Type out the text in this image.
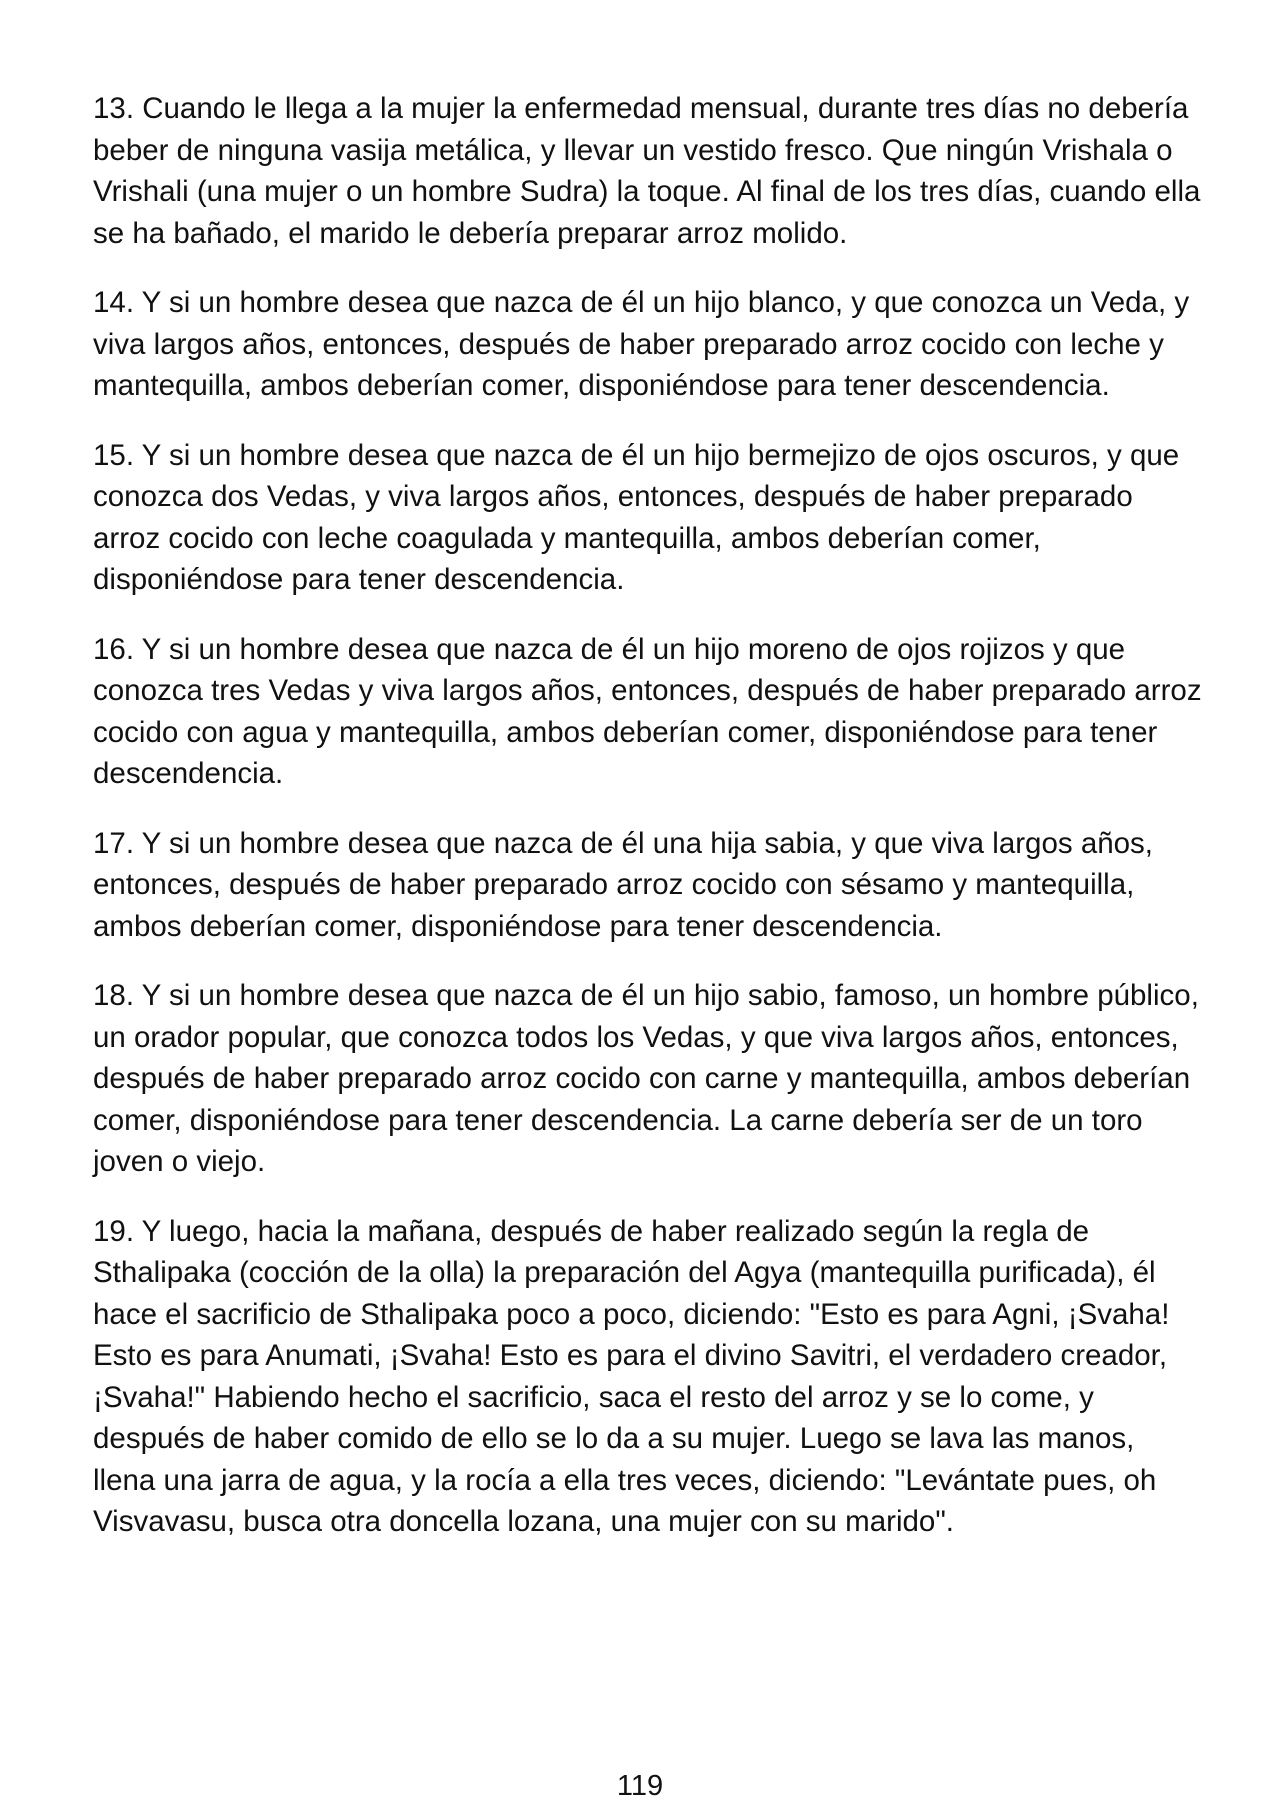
13. Cuando le llega a la mujer la enfermedad mensual, durante tres días no debería beber de ninguna vasija metálica, y llevar un vestido fresco. Que ningún Vrishala o Vrishali (una mujer o un hombre Sudra) la toque. Al final de los tres días, cuando ella se ha bañado, el marido le debería preparar arroz molido.

14. Y si un hombre desea que nazca de él un hijo blanco, y que conozca un Veda, y viva largos años, entonces, después de haber preparado arroz cocido con leche y mantequilla, ambos deberían comer, disponiéndose para tener descendencia.

15. Y si un hombre desea que nazca de él un hijo bermejizo de ojos oscuros, y que conozca dos Vedas, y viva largos años, entonces, después de haber preparado arroz cocido con leche coagulada y mantequilla, ambos deberían comer, disponiéndose para tener descendencia.

16. Y si un hombre desea que nazca de él un hijo moreno de ojos rojizos y que conozca tres Vedas y viva largos años, entonces, después de haber preparado arroz cocido con agua y mantequilla, ambos deberían comer, disponiéndose para tener descendencia.

17. Y si un hombre desea que nazca de él una hija sabia, y que viva largos años, entonces, después de haber preparado arroz cocido con sésamo y mantequilla, ambos deberían comer, disponiéndose para tener descendencia.

18. Y si un hombre desea que nazca de él un hijo sabio, famoso, un hombre público, un orador popular, que conozca todos los Vedas, y que viva largos años, entonces, después de haber preparado arroz cocido con carne y mantequilla, ambos deberían comer, disponiéndose para tener descendencia. La carne debería ser de un toro joven o viejo.

19. Y luego, hacia la mañana, después de haber realizado según la regla de Sthalipaka (cocción de la olla) la preparación del Agya (mantequilla purificada), él hace el sacrificio de Sthalipaka poco a poco, diciendo: "Esto es para Agni, ¡Svaha! Esto es para Anumati, ¡Svaha! Esto es para el divino Savitri, el verdadero creador, ¡Svaha!" Habiendo hecho el sacrificio, saca el resto del arroz y se lo come, y después de haber comido de ello se lo da a su mujer. Luego se lava las manos, llena una jarra de agua, y la rocía a ella tres veces, diciendo: "Levántate pues, oh Visvavasu, busca otra doncella lozana, una mujer con su marido".

119
